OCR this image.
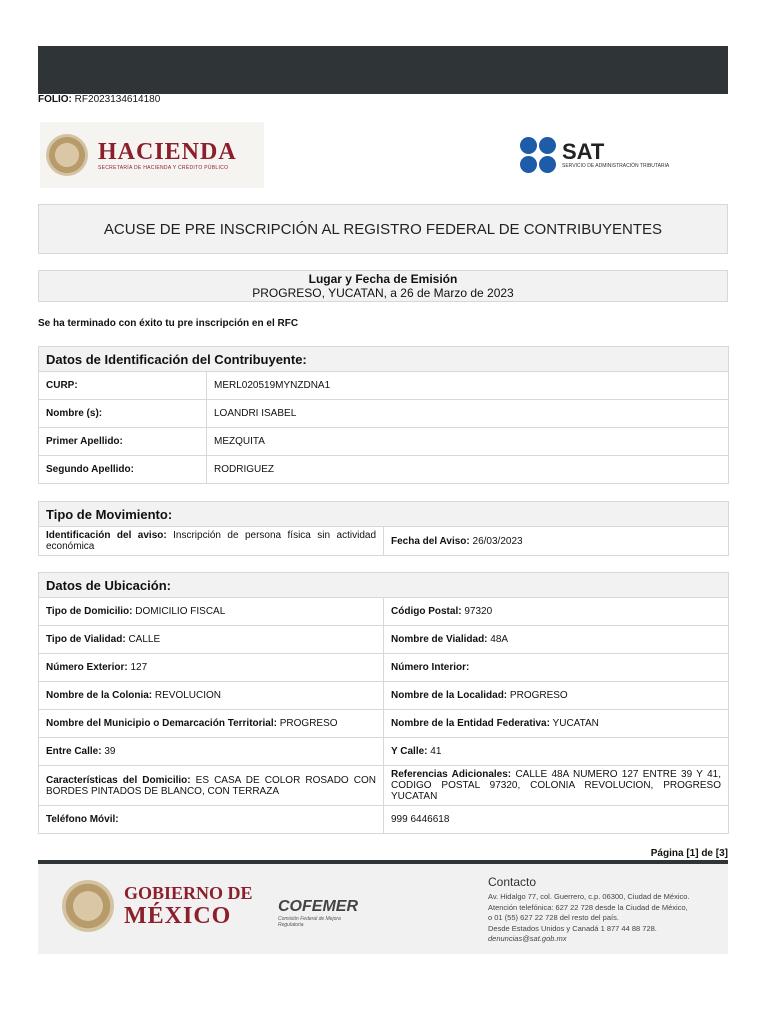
FOLIO: RF2023134614180
HACIENDA
SECRETARÍA DE HACIENDA Y CRÉDITO PÚBLICO
SAT
SERVICIO DE ADMINISTRACIÓN TRIBUTARIA
ACUSE DE PRE INSCRIPCIÓN AL REGISTRO FEDERAL DE CONTRIBUYENTES
Lugar y Fecha de Emisión
PROGRESO, YUCATAN, a 26 de Marzo de 2023
Se ha terminado con éxito tu pre inscripción en el RFC
Datos de Identificación del Contribuyente:	
CURP:	MERL020519MYNZDNA1
Nombre (s):	LOANDRI ISABEL
Primer Apellido:	MEZQUITA
Segundo Apellido:	RODRIGUEZ
Tipo de Movimiento:
Identificación del aviso: Inscripción de persona física sin actividad económica	Fecha del Aviso: 26/03/2023
Datos de Ubicación:	
Tipo de Domicilio: DOMICILIO FISCAL	Código Postal: 97320
Tipo de Vialidad: CALLE	Nombre de Vialidad: 48A
Número Exterior: 127	Número Interior:
Nombre de la Colonia: REVOLUCION	Nombre de la Localidad: PROGRESO
Nombre del Municipio o Demarcación Territorial: PROGRESO	Nombre de la Entidad Federativa: YUCATAN
Entre Calle: 39	Y Calle: 41
Características del Domicilio: ES CASA DE COLOR ROSADO CON BORDES PINTADOS DE BLANCO, CON TERRAZA	Referencias Adicionales: CALLE 48A NUMERO 127 ENTRE 39 Y 41, CODIGO POSTAL 97320, COLONIA REVOLUCION, PROGRESO YUCATAN
Teléfono Móvil:	999 6446618
Página [1] de [3]
GOBIERNO DE
MÉXICO	COFEMER
Comisión Federal de Mejora Regulatoria
Contacto
Av. Hidalgo 77, col. Guerrero, c.p. 06300, Ciudad de México.
Atención telefónica: 627 22 728 desde la Ciudad de México,
o 01 (55) 627 22 728 del resto del país.
Desde Estados Unidos y Canadá 1 877 44 88 728.
denuncias@sat.gob.mx
